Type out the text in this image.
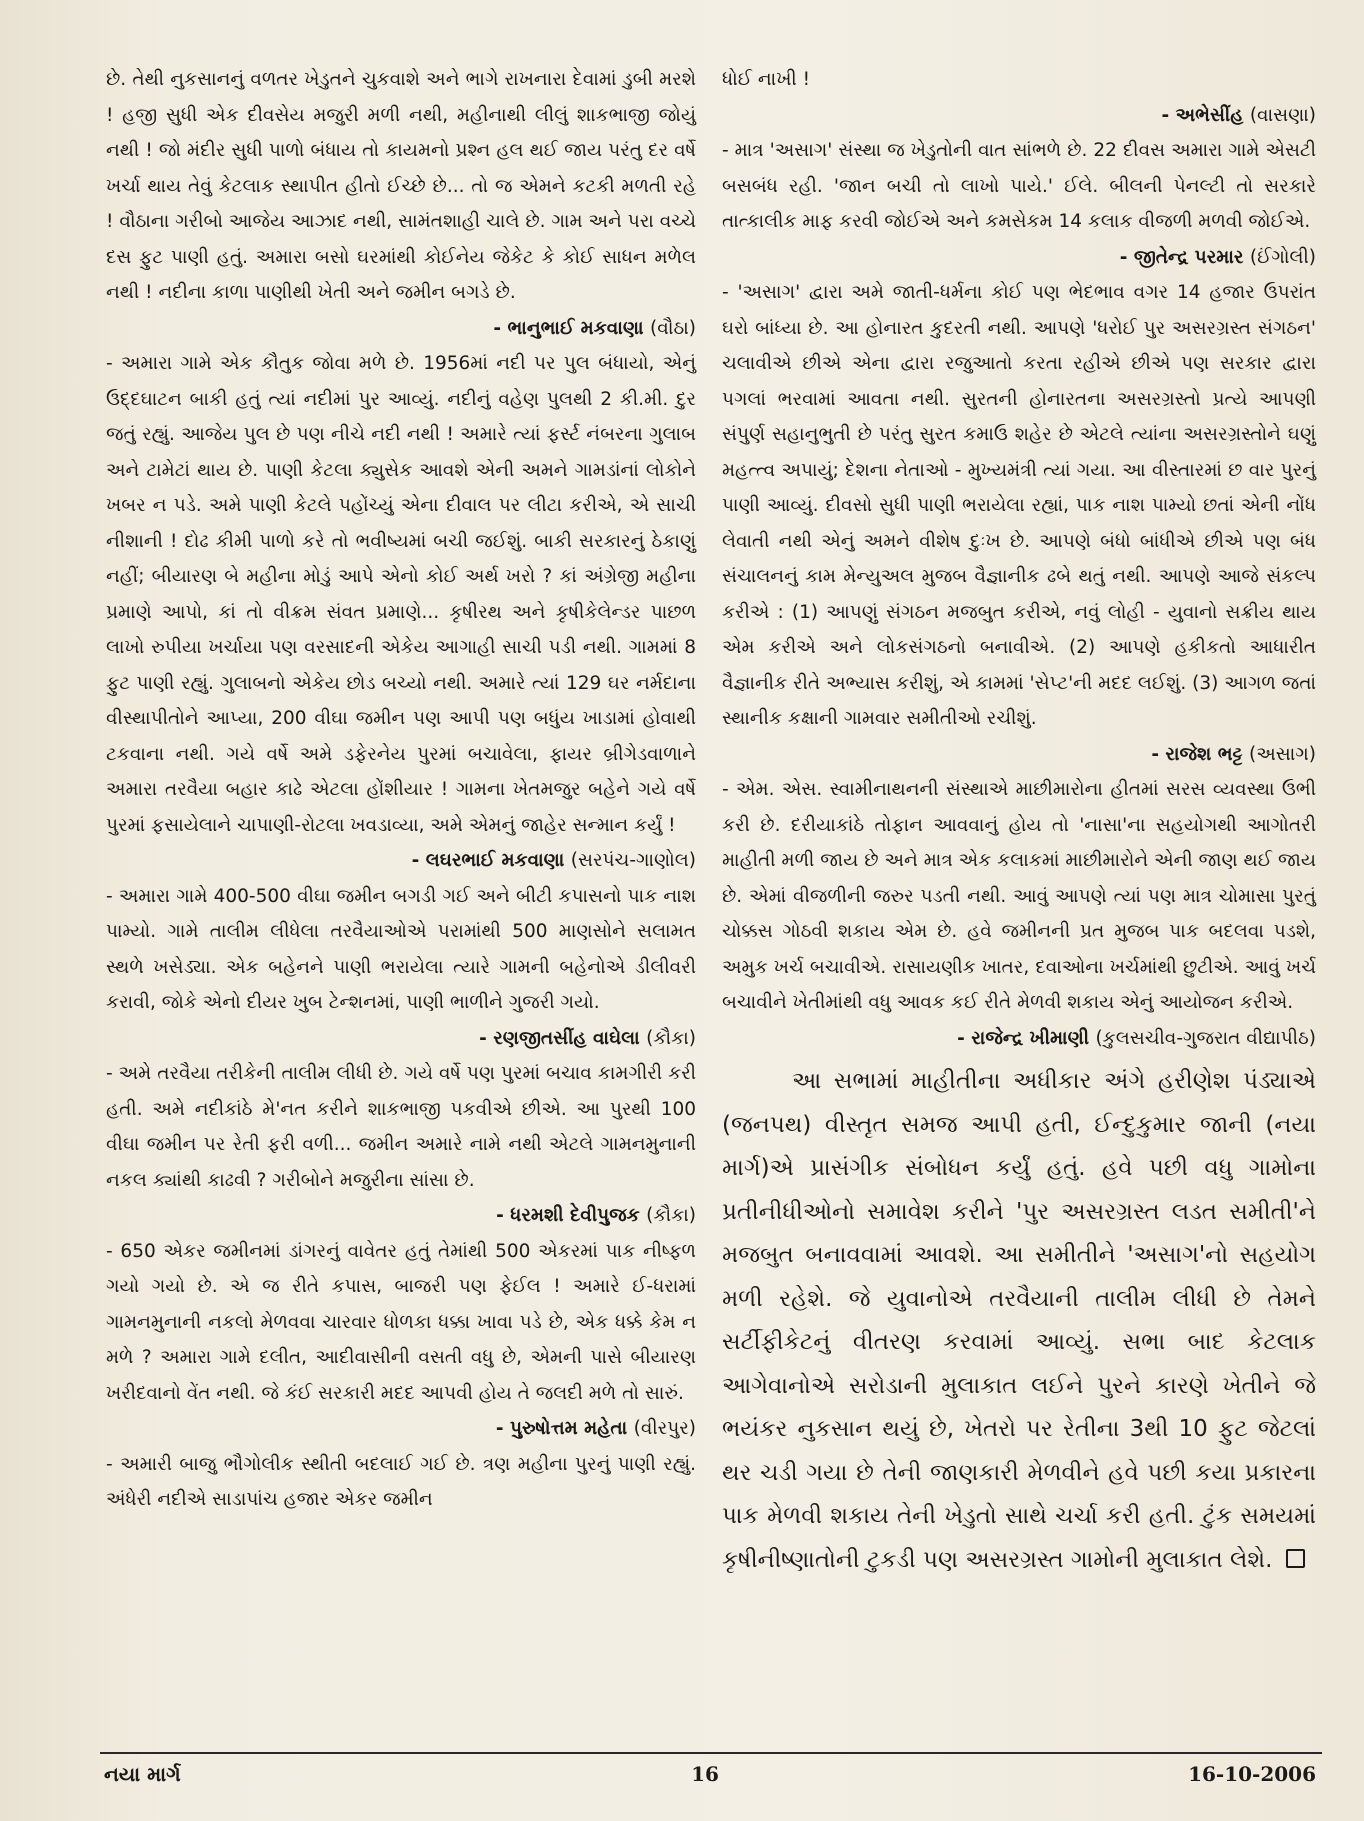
છે. તેથી નુકસાનનું વળતર ખેડુતને ચુકવાશે અને ભાગે રાખનારા દેવામાં ડુબી મરશે ! હજી સુધી એક દીવસેય મજુરી મળી નથી, મહીનાથી લીલું શાકભાજી જોયું નથી ! જો મંદીર સુધી પાળો બંધાય તો કાયમનો પ્રશ્ન હલ થઈ જાય પરંતુ દર વર્ષે ખર્ચા થાય તેવું કેટલાક સ્થાપીત હીતો ઈચ્છે છે... તો જ એમને કટકી મળતી રહે ! વૌઠાના ગરીબો આજેય આઝાદ નથી, સામંતશાહી ચાલે છે. ગામ અને પરા વચ્ચે દસ ફુટ પાણી હતું. અમારા બસો ઘરમાંથી કોઈનેય જેકેટ કે કોઈ સાધન મળેલ નથી ! નદીના કાળા પાણીથી ખેતી અને જમીન બગડે છે.

- ભાનુભાઈ મકવાણા (વૌઠા)

- અમારા ગામે એક કૌતુક જોવા મળે છે. 1956માં નદી પર પુલ બંધાયો, એનું ઉદ્દઘાટન બાકી હતું ત્યાં નદીમાં પુર આવ્યું. નદીનું વહેણ પુલથી 2 કી.મી. દુર જતું રહ્યું. આજેય પુલ છે પણ નીચે નદી નથી ! અમારે ત્યાં ફર્સ્ટ નંબરના ગુલાબ અને ટામેટાં થાય છે. પાણી કેટલા ક્યુસેક આવશે એની અમને ગામડાંનાં લોકોને ખબર ન પડે. અમે પાણી કેટલે પહોંચ્યું એના દીવાલ પર લીટા કરીએ, એ સાચી નીશાની ! દોઢ કીમી પાળો કરે તો ભવીષ્યમાં બચી જઈશું. બાકી સરકારનું ઠેકાણું નહીં; બીયારણ બે મહીના મોડું આપે એનો કોઈ અર્થ ખરો ? કાં અંગ્રેજી મહીના પ્રમાણે આપો, કાં તો વીક્રમ સંવત પ્રમાણે... કૃષીરથ અને કૃષીકેલેન્ડર પાછળ લાખો રુપીયા ખર્ચાયા પણ વરસાદની એકેય આગાહી સાચી પડી નથી. ગામમાં 8 ફુટ પાણી રહ્યું. ગુલાબનો એકેય છોડ બચ્યો નથી. અમારે ત્યાં 129 ઘર નર્મદાના વીસ્થાપીતોને આપ્યા, 200 વીઘા જમીન પણ આપી પણ બધુંય ખાડામાં હોવાથી ટકવાના નથી. ગયે વર્ષે અમે ડફેરનેય પુરમાં બચાવેલા, ફાયર બ્રીગેડવાળાને અમારા તરવૈયા બહાર કાઢે એટલા હોંશીયાર ! ગામના ખેતમજુર બહેને ગયે વર્ષે પુરમાં ફસાયેલાને ચાપાણી-રોટલા ખવડાવ્યા, અમે એમનું જાહેર સન્માન કર્યું !

- લઘરભાઈ મકવાણા (સરપંચ-ગાણોલ)

- અમારા ગામે 400-500 વીઘા જમીન બગડી ગઈ અને બીટી કપાસનો પાક નાશ પામ્યો. ગામે તાલીમ લીધેલા તરવૈયાઓએ પરામાંથી 500 માણસોને સલામત સ્થળે ખસેડ્યા. એક બહેનને પાણી ભરાયેલા ત્યારે ગામની બહેનોએ ડીલીવરી કરાવી, જોકે એનો દીયર ખુબ ટેન્શનમાં, પાણી ભાળીને ગુજરી ગયો.

- રણજીતસીંહ વાઘેલા (કૌકા)

- અમે તરવૈયા તરીકેની તાલીમ લીધી છે. ગયે વર્ષે પણ પુરમાં બચાવ કામગીરી કરી હતી. અમે નદીકાંઠે મે'નત કરીને શાકભાજી પકવીએ છીએ. આ પુરથી 100 વીઘા જમીન પર રેતી ફરી વળી... જમીન અમારે નામે નથી એટલે ગામનમુનાની નકલ ક્યાંથી કાઢવી ? ગરીબોને મજુરીના સાંસા છે.

- ધરમશી દેવીપુજક (કૌકા)

- 650 એકર જમીનમાં ડાંગરનું વાવેતર હતું તેમાંથી 500 એકરમાં પાક નીષ્ફળ ગયો ગયો છે. એ જ રીતે કપાસ, બાજરી પણ ફેઈલ ! અમારે ઈ-ધરામાં ગામનમુનાની નકલો મેળવવા ચારવાર ધોળકા ધક્કા ખાવા પડે છે, એક ધક્કે કેમ ન મળે ? અમારા ગામે દલીત, આદીવાસીની વસતી વધુ છે, એમની પાસે બીયારણ ખરીદવાનો વેંત નથી. જે કંઈ સરકારી મદદ આપવી હોય તે જલદી મળે તો સારું.

- પુરુષોત્તમ મહેતા (વીરપુર)

- અમારી બાજુ ભૌગોલીક સ્થીતી બદલાઈ ગઈ છે. ત્રણ મહીના પુરનું પાણી રહ્યું. અંધેરી નદીએ સાડાપાંચ હજાર એકર જમીન

ધોઈ નાખી !

- અભેસીંહ (વાસણા)

- માત્ર 'અસાગ' સંસ્થા જ ખેડુતોની વાત સાંભળે છે. 22 દીવસ અમારા ગામે એસટી બસબંધ રહી. 'જાન બચી તો લાખો પાયે.' ઈલે. બીલની પેનલ્ટી તો સરકારે તાત્કાલીક માફ કરવી જોઈએ અને કમસેકમ 14 કલાક વીજળી મળવી જોઈએ.

- જીતેન્દ્ર પરમાર (ઈંગોલી)

- 'અસાગ' દ્વારા અમે જાતી-ધર્મના કોઈ પણ ભેદભાવ વગર 14 હજાર ઉપરાંત ઘરો બાંધ્યા છે. આ હોનારત કુદરતી નથી. આપણે 'ધરોઈ પુર અસરગ્રસ્ત સંગઠન' ચલાવીએ છીએ એના દ્વારા રજુઆતો કરતા રહીએ છીએ પણ સરકાર દ્વારા પગલાં ભરવામાં આવતા નથી. સુરતની હોનારતના અસરગ્રસ્તો પ્રત્યે આપણી સંપુર્ણ સહાનુભુતી છે પરંતુ સુરત કમાઉ શહેર છે એટલે ત્યાંના અસરગ્રસ્તોને ઘણું મહત્ત્વ અપાયું; દેશના નેતાઓ - મુખ્યમંત્રી ત્યાં ગયા. આ વીસ્તારમાં છ વાર પુરનું પાણી આવ્યું. દીવસો સુધી પાણી ભરાયેલા રહ્યાં, પાક નાશ પામ્યો છતાં એની નોંધ લેવાતી નથી એનું અમને વીશેષ દુઃખ છે. આપણે બંધો બાંધીએ છીએ પણ બંધ સંચાલનનું કામ મેન્યુઅલ મુજબ વૈજ્ઞાનીક ઢબે થતું નથી. આપણે આજે સંકલ્પ કરીએ : (1) આપણું સંગઠન મજબુત કરીએ, નવું લોહી - યુવાનો સક્રીય થાય એમ કરીએ અને લોકસંગઠનો બનાવીએ. (2) આપણે હકીકતો આધારીત વૈજ્ઞાનીક રીતે અભ્યાસ કરીશું, એ કામમાં 'સેપ્ટ'ની મદદ લઈશું. (3) આગળ જતાં સ્થાનીક કક્ષાની ગામવાર સમીતીઓ રચીશું.

- રાજેશ ભટ્ટ (અસાગ)

- એમ. એસ. સ્વામીનાથનની સંસ્થાએ માછીમારોના હીતમાં સરસ વ્યવસ્થા ઉભી કરી છે. દરીયાકાંઠે તોફાન આવવાનું હોય તો 'નાસા'ના સહયોગથી આગોતરી માહીતી મળી જાય છે અને માત્ર એક કલાકમાં માછીમારોને એની જાણ થઈ જાય છે. એમાં વીજળીની જરુર પડતી નથી. આવું આપણે ત્યાં પણ માત્ર ચોમાસા પુરતું ચોક્કસ ગોઠવી શકાય એમ છે. હવે જમીનની પ્રત મુજબ પાક બદલવા પડશે, અમુક ખર્ચ બચાવીએ. રાસાયણીક ખાતર, દવાઓના ખર્ચમાંથી છુટીએ. આવું ખર્ચ બચાવીને ખેતીમાંથી વધુ આવક કઈ રીતે મેળવી શકાય એનું આયોજન કરીએ.

- રાજેન્દ્ર ખીમાણી (કુલસચીવ-ગુજરાત વીદ્યાપીઠ)

આ સભામાં માહીતીના અધીકાર અંગે હરીણેશ પંડ્યાએ (જનપથ) વીસ્તૃત સમજ આપી હતી, ઈન્દુકુમાર જાની (નયા માર્ગ)એ પ્રાસંગીક સંબોધન કર્યું હતું. હવે પછી વધુ ગામોના પ્રતીનીધીઓનો સમાવેશ કરીને 'પુર અસરગ્રસ્ત લડત સમીતી'ને મજબુત બનાવવામાં આવશે. આ સમીતીને 'અસાગ'નો સહયોગ મળી રહેશે. જે યુવાનોએ તરવૈયાની તાલીમ લીધી છે તેમને સર્ટીફીકેટનું વીતરણ કરવામાં આવ્યું. સભા બાદ કેટલાક આગેવાનોએ સરોડાની મુલાકાત લઈને પુરને કારણે ખેતીને જે ભયંકર નુકસાન થયું છે, ખેતરો પર રેતીના 3થી 10 ફુટ જેટલાં થર ચડી ગયા છે તેની જાણકારી મેળવીને હવે પછી કયા પ્રકારના પાક મેળવી શકાય તેની ખેડુતો સાથે ચર્ચા કરી હતી. ટુંક સમયમાં કૃષીનીષ્ણાતોની ટુકડી પણ અસરગ્રસ્ત ગામોની મુલાકાત લેશે.

નયા માર્ગ	16	16-10-2006
